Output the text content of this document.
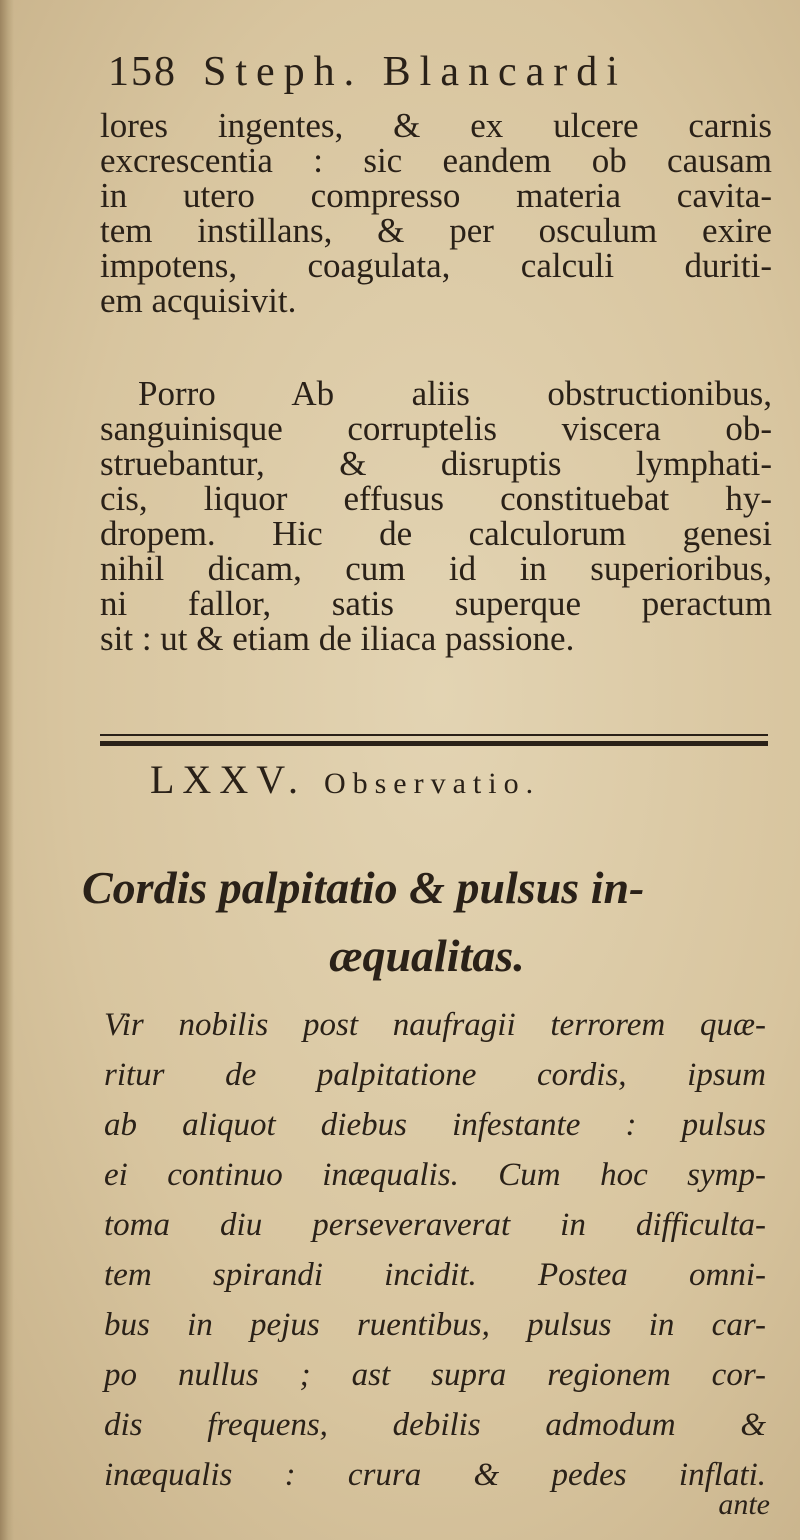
158 Steph. Blancardi
lores ingentes, & ex ulcere carnis
excrescentia : sic eandem ob causam
in utero compresso materia cavita-
tem instillans, & per osculum exire
impotens, coagulata, calculi duriti-
em acquisivit.
Porro Ab aliis obstructionibus,
sanguinisque corruptelis viscera ob-
struebantur, & disruptis lymphati-
cis, liquor effusus constituebat hy-
dropem. Hic de calculorum genesi
nihil dicam, cum id in superioribus,
ni fallor, satis superque peractum
sit : ut & etiam de iliaca passione.
LXXV. Observatio.
Cordis palpitatio & pulsus in-
æqualitas.
Vir nobilis post naufragii terrorem quæ-
ritur de palpitatione cordis, ipsum
ab aliquot diebus infestante : pulsus
ei continuo inæqualis. Cum hoc symp-
toma diu perseveraverat in difficulta-
tem spirandi incidit. Postea omni-
bus in pejus ruentibus, pulsus in car-
po nullus ; ast supra regionem cor-
dis frequens, debilis admodum &
inæqualis : crura & pedes inflati.
ante
